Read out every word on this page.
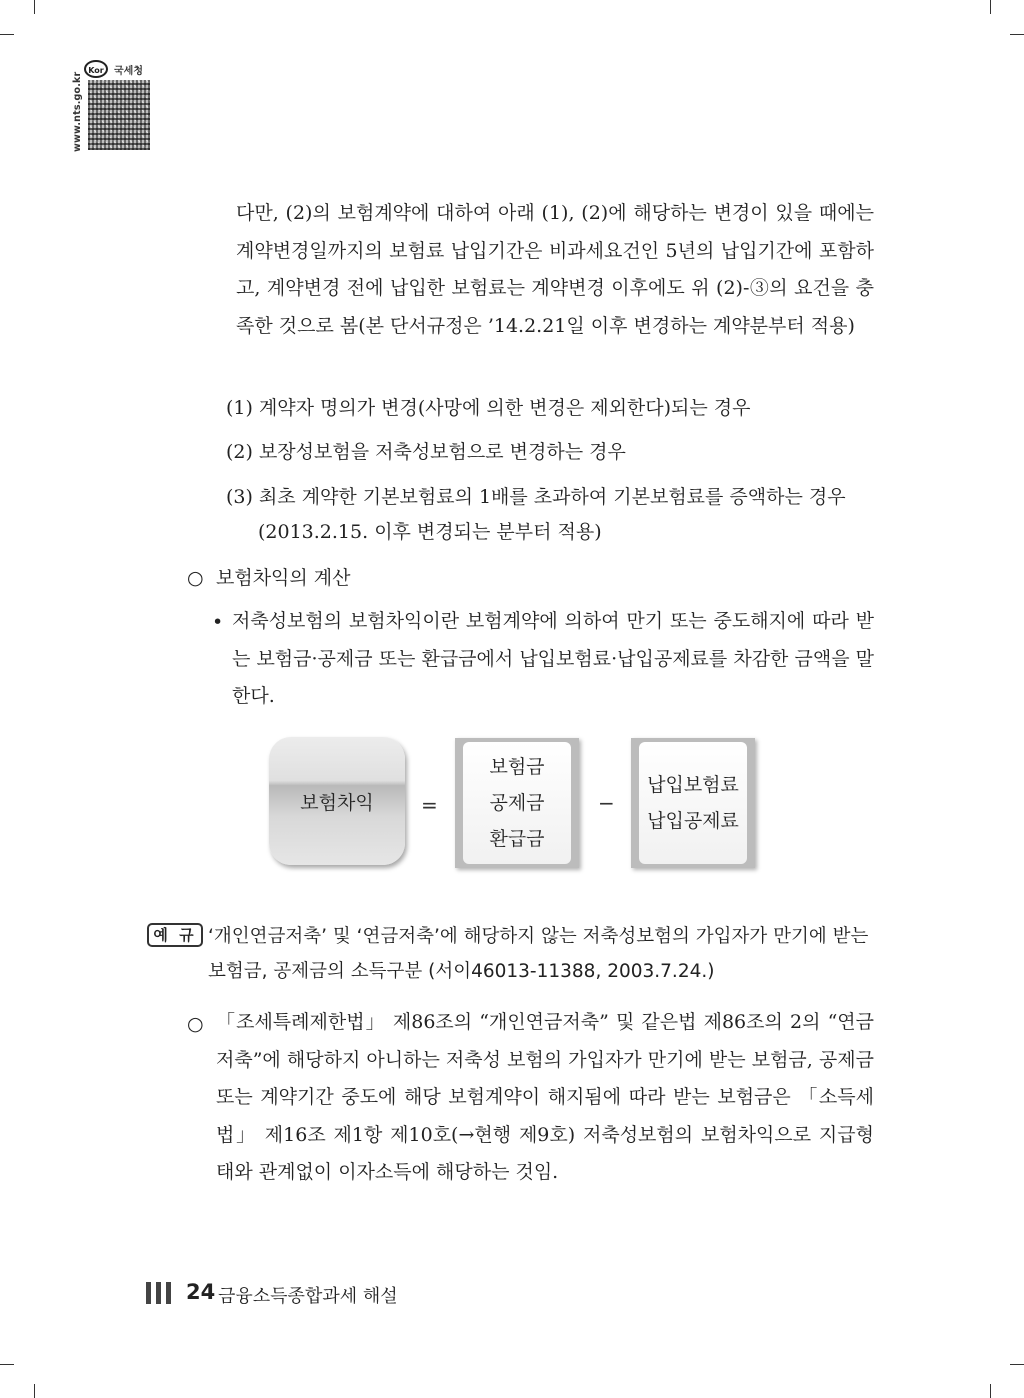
www.nts.go.kr
Kor	국세청
다만, (2)의 보험계약에 대하여 아래 (1), (2)에 해당하는 변경이 있을 때에는 계약변경일까지의 보험료 납입기간은 비과세요건인 5년의 납입기간에 포함하고, 계약변경 전에 납입한 보험료는 계약변경 이후에도 위 (2)-③의 요건을 충족한 것으로 봄(본 단서규정은 ’14.2.21일 이후 변경하는 계약분부터 적용)
(1) 계약자 명의가 변경(사망에 의한 변경은 제외한다)되는 경우
(2) 보장성보험을 저축성보험으로 변경하는 경우
(3) 최초 계약한 기본보험료의 1배를 초과하여 기본보험료를 증액하는 경우
(2013.2.15. 이후 변경되는 분부터 적용)
○ 보험차익의 계산
• 저축성보험의 보험차익이란 보험계약에 의하여 만기 또는 중도해지에 따라 받는 보험금·공제금 또는 환급금에서 납입보험료·납입공제료를 차감한 금액을 말한다.
보험차익 =
보험금
공제금
환급금
−
납입보험료
납입공제료
예 규 ‘개인연금저축’ 및 ‘연금저축’에 해당하지 않는 저축성보험의 가입자가 만기에 받는
보험금, 공제금의 소득구분 (서이46013-11388, 2003.7.24.)
○ 「조세특례제한법」 제86조의 “개인연금저축” 및 같은법 제86조의 2의 “연금저축”에 해당하지 아니하는 저축성 보험의 가입자가 만기에 받는 보험금, 공제금 또는 계약기간 중도에 해당 보험계약이 해지됨에 따라 받는 보험금은 「소득세법」 제16조 제1항 제10호(→현행 제9호) 저축성보험의 보험차익으로 지급형태와 관계없이 이자소득에 해당하는 것임.
24 금융소득종합과세 해설
